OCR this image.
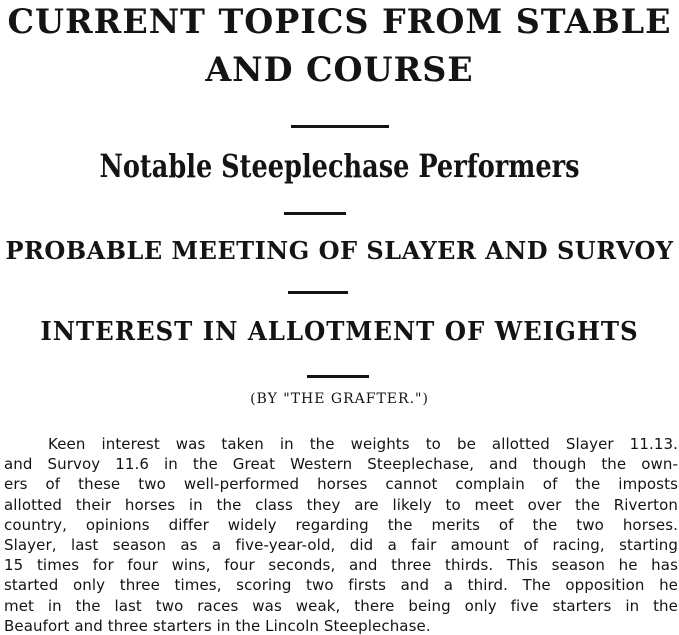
CURRENT TOPICS FROM STABLE
AND COURSE
Notable Steeplechase Performers
PROBABLE MEETING OF SLAYER AND SURVOY
INTEREST IN ALLOTMENT OF WEIGHTS
(BY "THE GRAFTER.")
Keen interest was taken in the weights to be allotted Slayer 11.13.
and Survoy 11.6 in the Great Western Steeplechase, and though the own-
ers of these two well-performed horses cannot complain of the imposts
allotted their horses in the class they are likely to meet over the Riverton
country, opinions differ widely regarding the merits of the two horses.
Slayer, last season as a five-year-old, did a fair amount of racing, starting
15 times for four wins, four seconds, and three thirds. This season he has
started only three times, scoring two firsts and a third. The opposition he
met in the last two races was weak, there being only five starters in the
Beaufort and three starters in the Lincoln Steeplechase.
